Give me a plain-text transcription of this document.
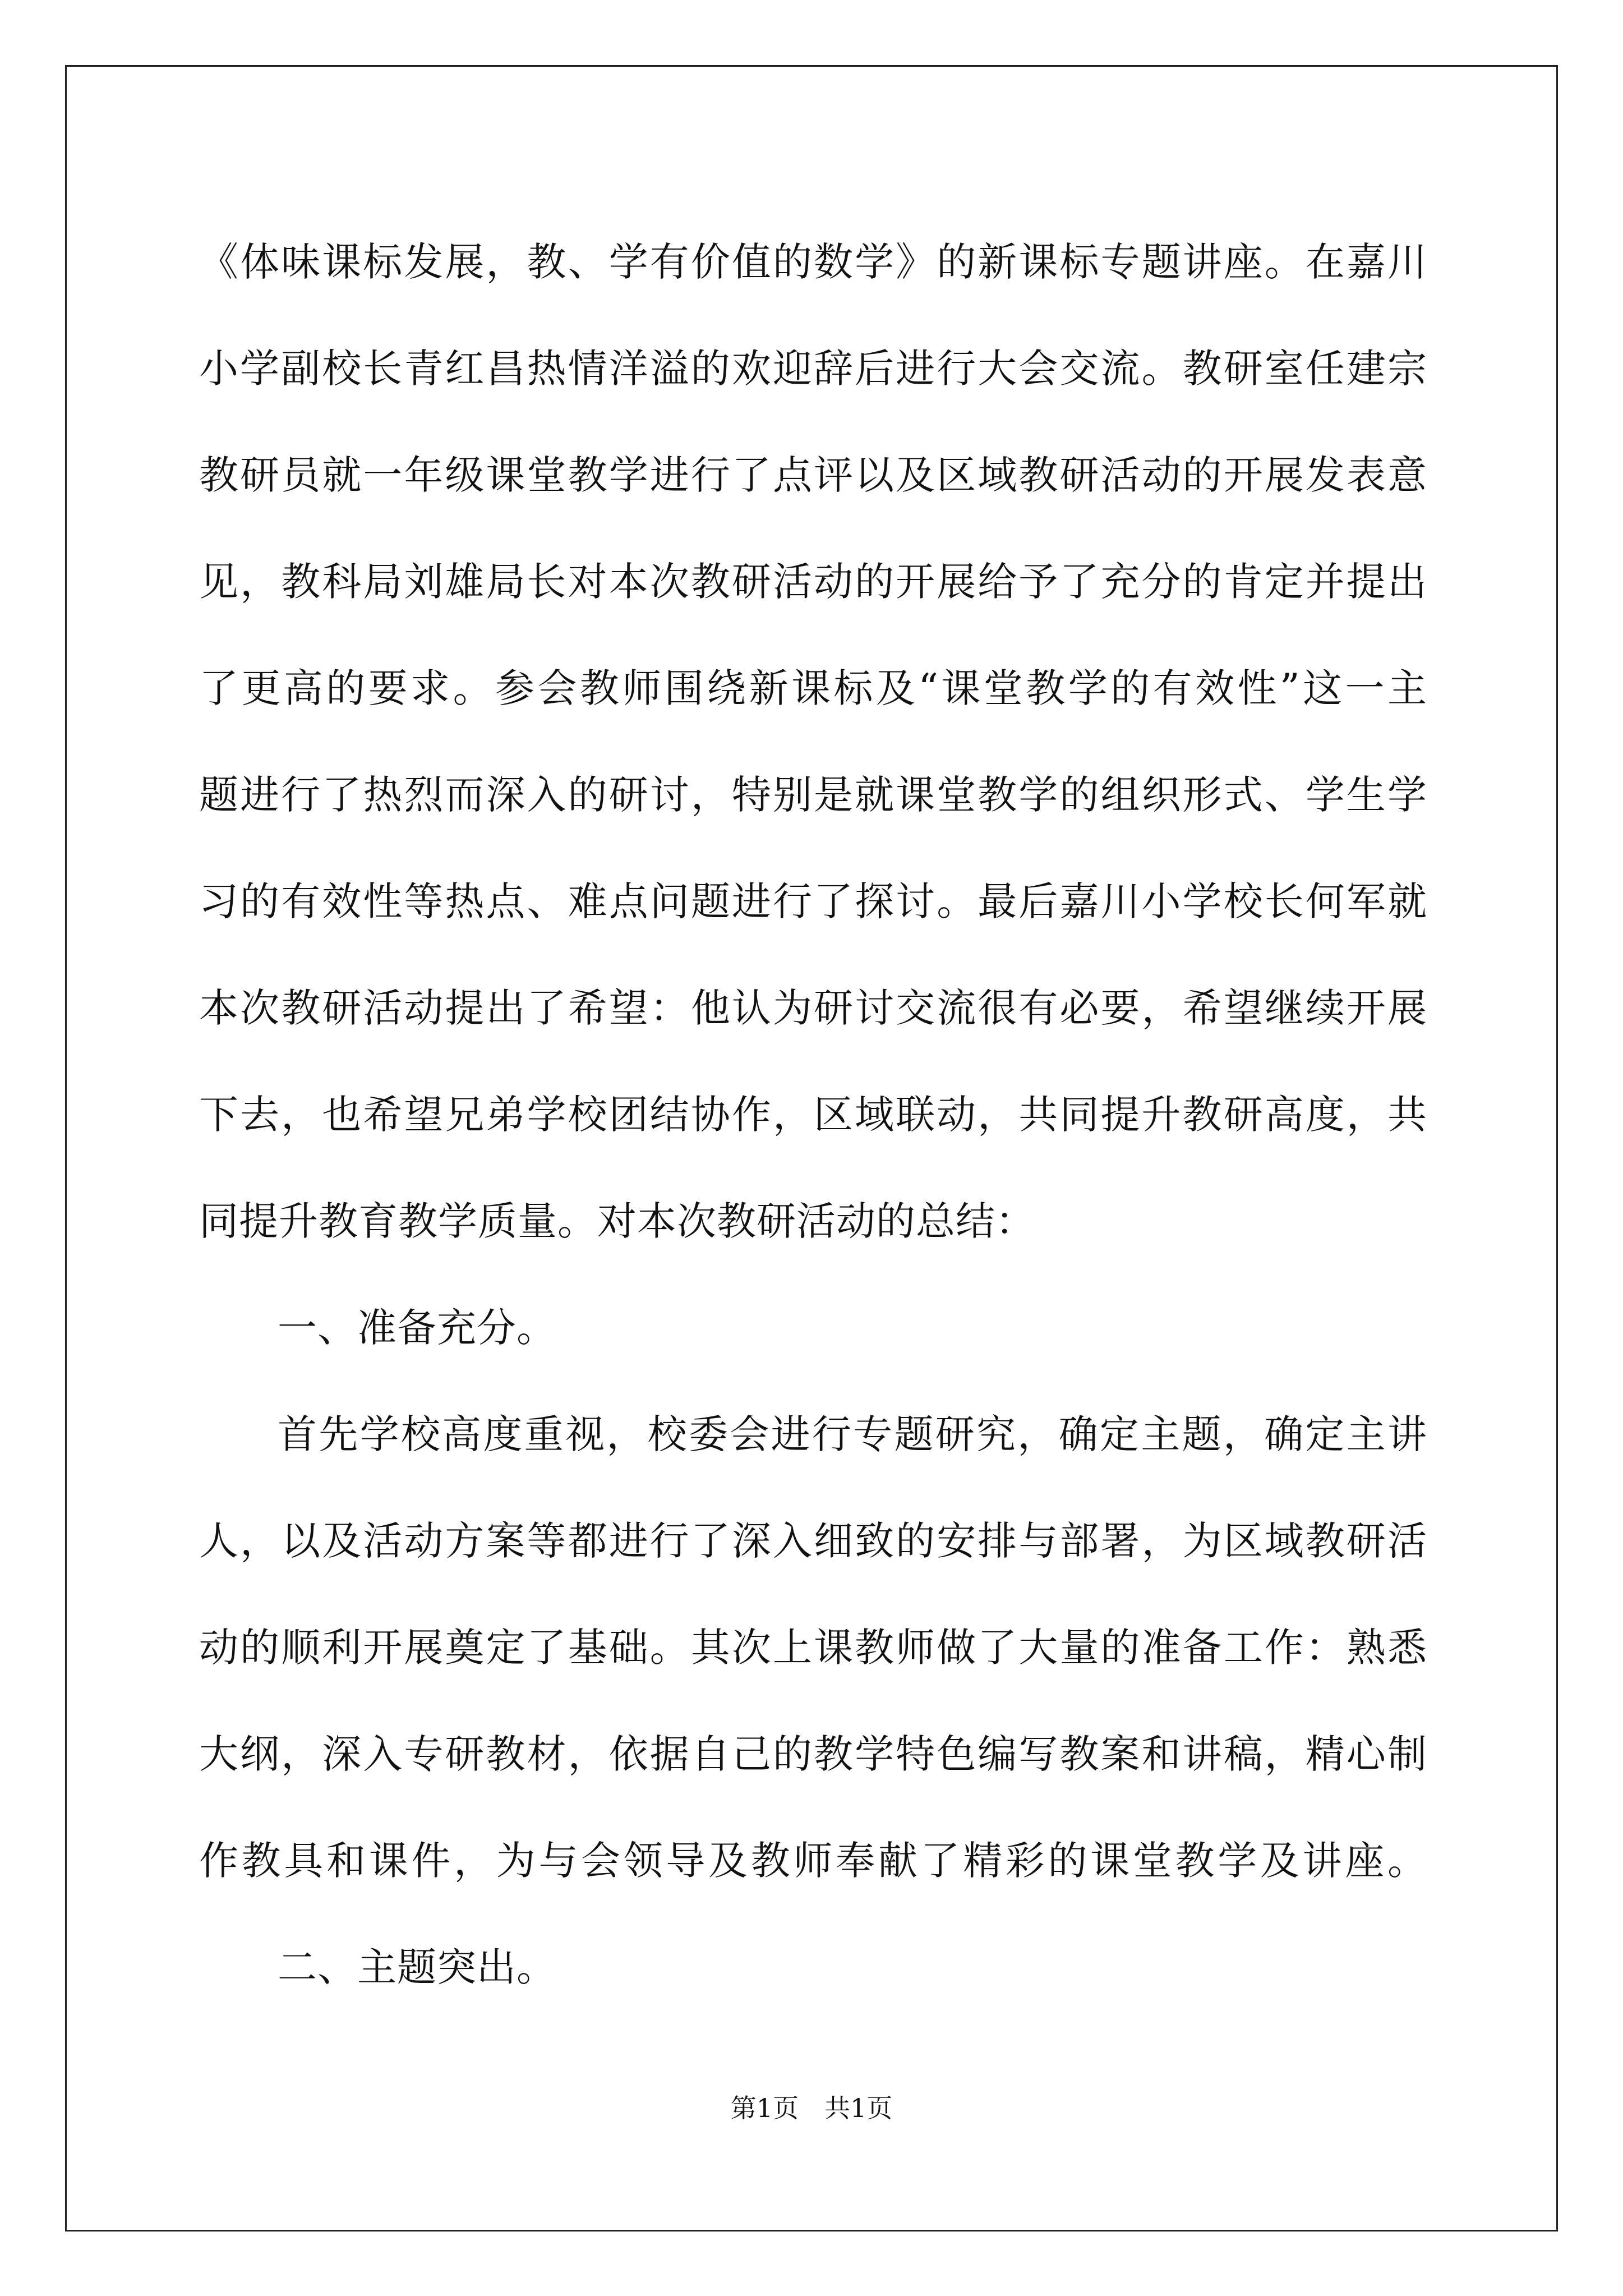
《体味课标发展，教、学有价值的数学》的新课标专题讲座。在嘉川
小学副校长青红昌热情洋溢的欢迎辞后进行大会交流。教研室任建宗
教研员就一年级课堂教学进行了点评以及区域教研活动的开展发表意
见，教科局刘雄局长对本次教研活动的开展给予了充分的肯定并提出
了更高的要求。参会教师围绕新课标及“课堂教学的有效性”这一主
题进行了热烈而深入的研讨，特别是就课堂教学的组织形式、学生学
习的有效性等热点、难点问题进行了探讨。最后嘉川小学校长何军就
本次教研活动提出了希望：他认为研讨交流很有必要，希望继续开展
下去，也希望兄弟学校团结协作，区域联动，共同提升教研高度，共
同提升教育教学质量。对本次教研活动的总结：
一、准备充分。
首先学校高度重视，校委会进行专题研究，确定主题，确定主讲
人，以及活动方案等都进行了深入细致的安排与部署，为区域教研活
动的顺利开展奠定了基础。其次上课教师做了大量的准备工作：熟悉
大纲，深入专研教材，依据自己的教学特色编写教案和讲稿，精心制
作教具和课件，为与会领导及教师奉献了精彩的课堂教学及讲座。
二、主题突出。
第1页　共1页
